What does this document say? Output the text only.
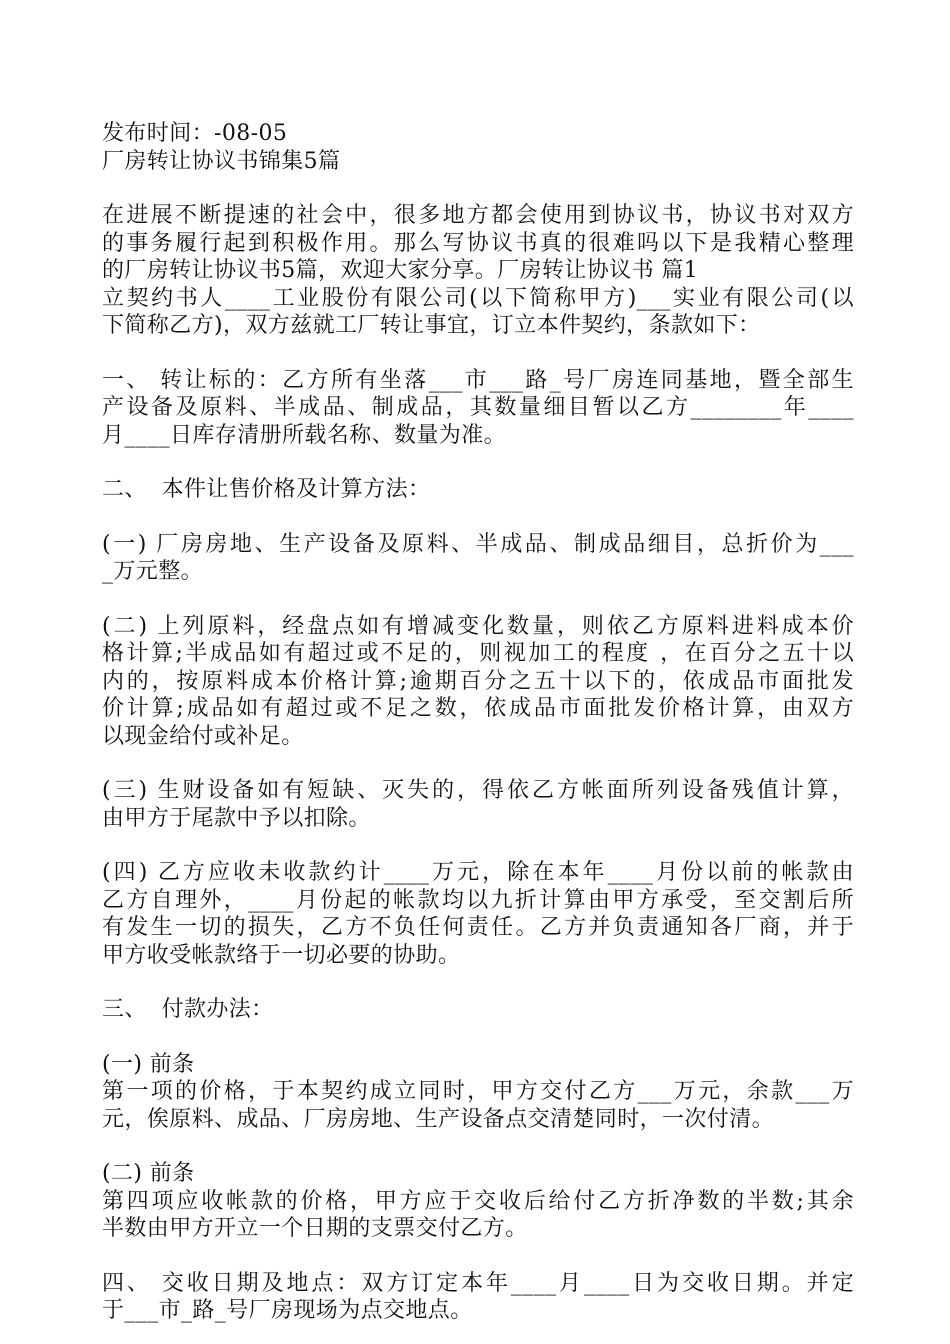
发布时间：-08-05
厂房转让协议书锦集5篇
在进展不断提速的社会中，很多地方都会使用到协议书，协议书对双方
的事务履行起到积极作用。那么写协议书真的很难吗以下是我精心整理
的厂房转让协议书5篇，欢迎大家分享。厂房转让协议书 篇1
立契约书人____工业股份有限公司(以下简称甲方)___实业有限公司(以
下简称乙方)，双方兹就工厂转让事宜，订立本件契约，条款如下：
一、 转让标的：乙方所有坐落___市___路_号厂房连同基地，暨全部生
产设备及原料、半成品、制成品，其数量细目暂以乙方________年____
月____日库存清册所载名称、数量为准。
二、  本件让售价格及计算方法：
(一) 厂房房地、生产设备及原料、半成品、制成品细目，总折价为___
_万元整。
(二) 上列原料，经盘点如有增减变化数量，则依乙方原料进料成本价
格计算;半成品如有超过或不足的，则视加工的程度 ，在百分之五十以
内的，按原料成本价格计算;逾期百分之五十以下的，依成品市面批发
价计算;成品如有超过或不足之数，依成品市面批发价格计算，由双方
以现金给付或补足。
(三) 生财设备如有短缺、灭失的，得依乙方帐面所列设备残值计算，
由甲方于尾款中予以扣除。
(四) 乙方应收未收款约计____万元，除在本年____月份以前的帐款由
乙方自理外，____月份起的帐款均以九折计算由甲方承受，至交割后所
有发生一切的损失，乙方不负任何责任。乙方并负责通知各厂商，并于
甲方收受帐款络于一切必要的协助。
三、  付款办法：
(一) 前条
第一项的价格，于本契约成立同时，甲方交付乙方___万元，余款___万
元，俟原料、成品、厂房房地、生产设备点交清楚同时，一次付清。
(二) 前条
第四项应收帐款的价格，甲方应于交收后给付乙方折净数的半数;其余
半数由甲方开立一个日期的支票交付乙方。
四、 交收日期及地点：双方订定本年____月____日为交收日期。并定
于___市_路_号厂房现场为点交地点。
